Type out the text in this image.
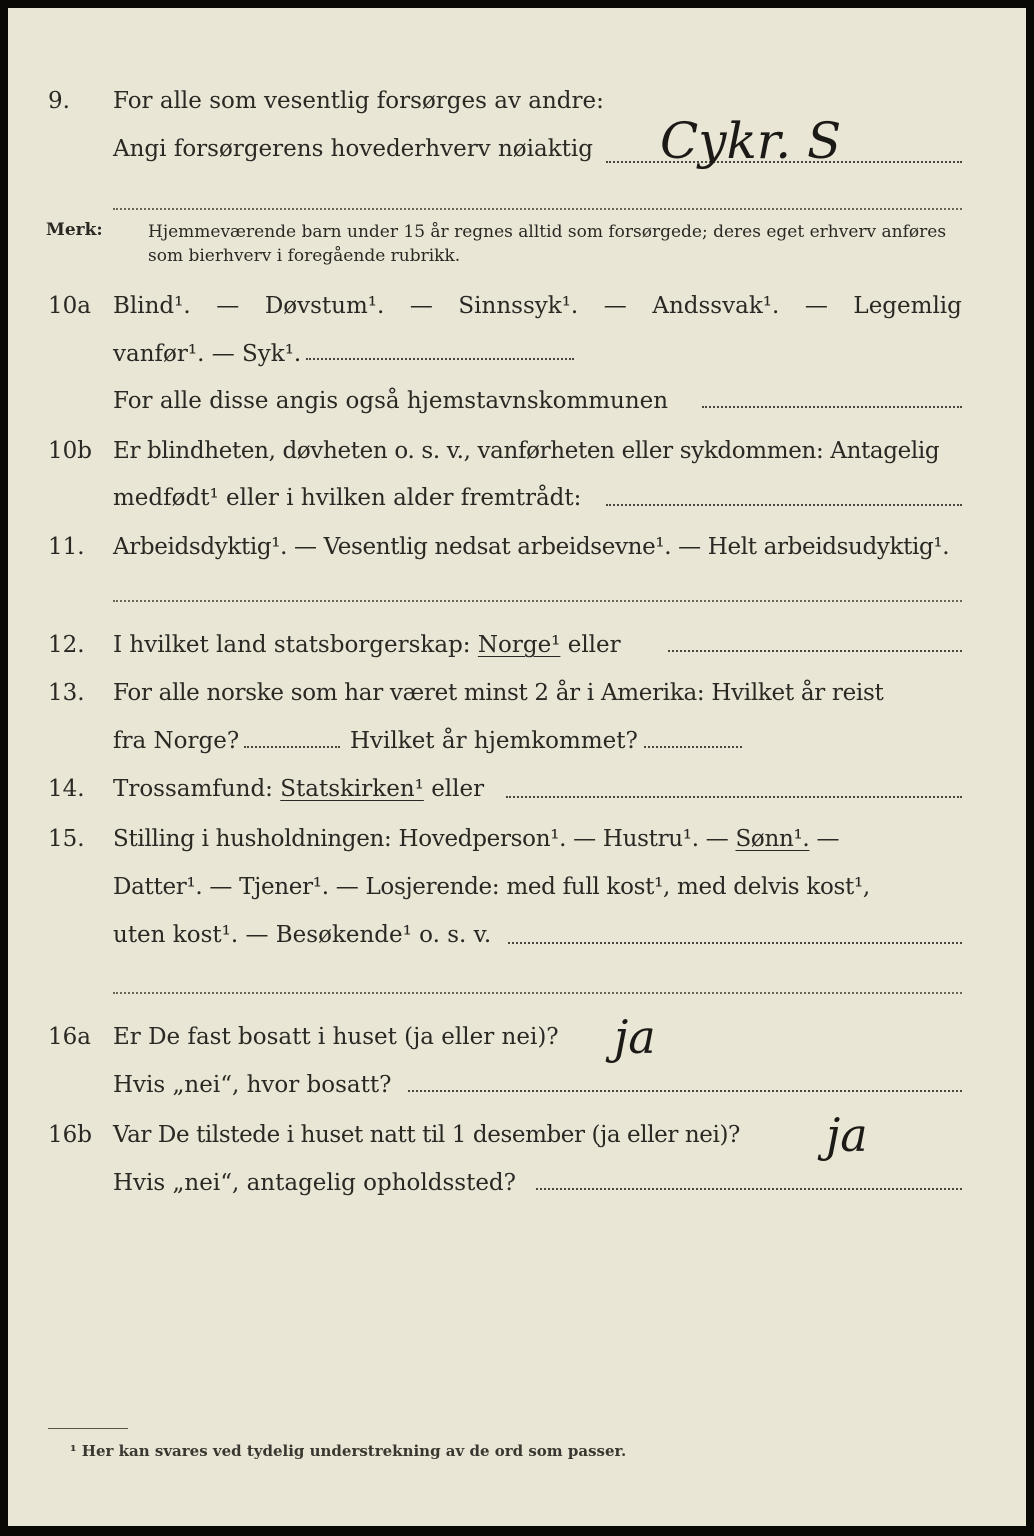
9. For alle som vesentlig forsørges av andre:
Angi forsørgerens hovederhverv nøiaktig Cykr. S
Merk:	Hjemmeværende barn under 15 år regnes alltid som forsørgede; deres eget erhverv anføres som bierhverv i foregående rubrikk.
10a Blind¹. — Døvstum¹. — Sinnssyk¹. — Andssvak¹. — Legemlig
vanfør¹. — Syk¹.
For alle disse angis også hjemstavnskommunen
10b Er blindheten, døvheten o. s. v., vanførheten eller sykdommen: Antagelig
medfødt¹ eller i hvilken alder fremtrådt:
11. Arbeidsdyktig¹. — Vesentlig nedsat arbeidsevne¹. — Helt arbeidsudyktig¹.
12. I hvilket land statsborgerskap: Norge¹ eller
13. For alle norske som har været minst 2 år i Amerika: Hvilket år reist
fra Norge?	Hvilket år hjemkommet?
14. Trossamfund: Statskirken¹ eller
15. Stilling i husholdningen: Hovedperson¹. — Hustru¹. — Sønn¹. —
Datter¹. — Tjener¹. — Losjerende: med full kost¹, med delvis kost¹,
uten kost¹. — Besøkende¹ o. s. v.
16a Er De fast bosatt i huset (ja eller nei)? ja
Hvis „nei“, hvor bosatt?
16b Var De tilstede i huset natt til 1 desember (ja eller nei)? ja
Hvis „nei“, antagelig opholdssted?
¹ Her kan svares ved tydelig understrekning av de ord som passer.
